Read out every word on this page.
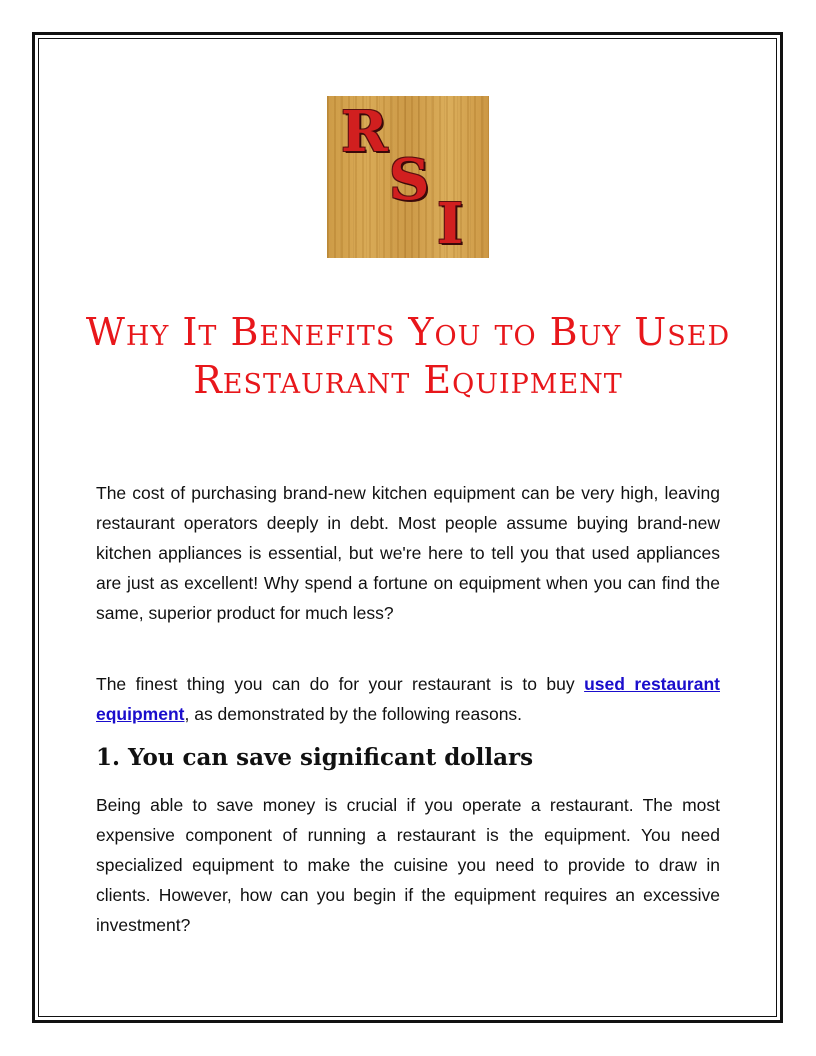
R
S
I
Why It Benefits You to Buy Used Restaurant Equipment

The cost of purchasing brand-new kitchen equipment can be very high, leaving restaurant operators deeply in debt. Most people assume buying brand-new kitchen appliances is essential, but we're here to tell you that used appliances are just as excellent! Why spend a fortune on equipment when you can find the same, superior product for much less?

The finest thing you can do for your restaurant is to buy used restaurant equipment, as demonstrated by the following reasons.

1. You can save significant dollars

Being able to save money is crucial if you operate a restaurant. The most expensive component of running a restaurant is the equipment. You need specialized equipment to make the cuisine you need to provide to draw in clients. However, how can you begin if the equipment requires an excessive investment?
